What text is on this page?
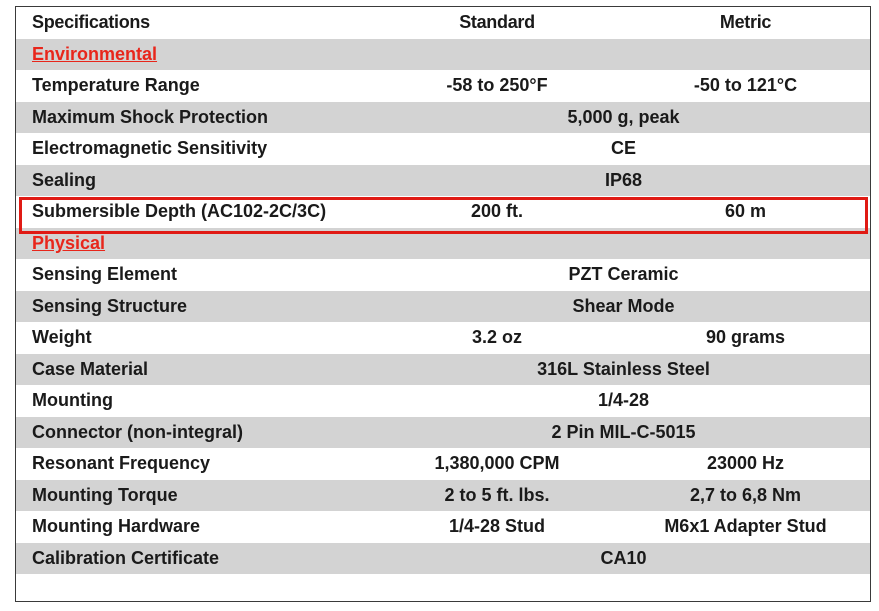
Specifications	Standard	Metric
Environmental		
Temperature Range	-58 to 250°F	-50 to 121°C
Maximum Shock Protection	5,000 g, peak	
Electromagnetic Sensitivity	CE	
Sealing	IP68	
Submersible Depth (AC102-2C/3C)	200 ft.	60 m
Physical		
Sensing Element	PZT Ceramic	
Sensing Structure	Shear Mode	
Weight	3.2 oz	90 grams
Case Material	316L Stainless Steel	
Mounting	1/4-28	
Connector (non-integral)	2 Pin MIL-C-5015	
Resonant Frequency	1,380,000 CPM	23000 Hz
Mounting Torque	2 to 5 ft. lbs.	2,7 to 6,8 Nm
Mounting Hardware	1/4-28 Stud	M6x1 Adapter Stud
Calibration Certificate	CA10	
